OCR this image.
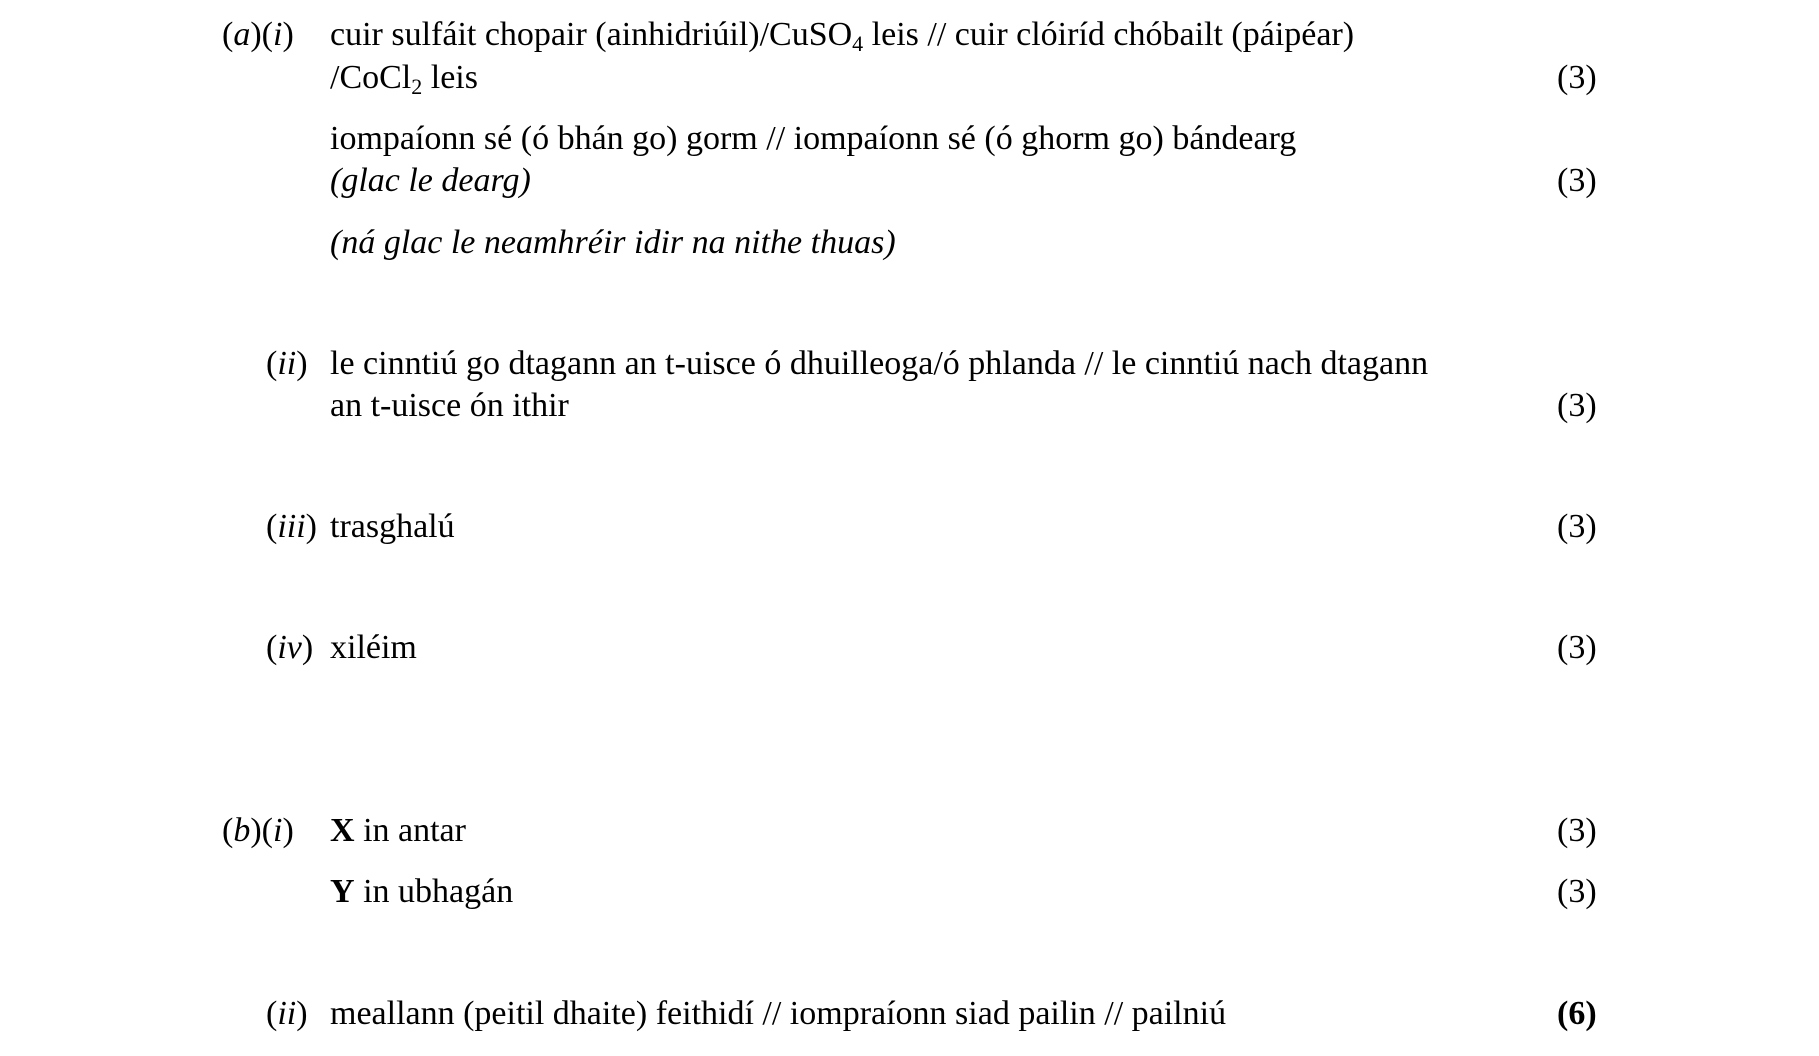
(a)(i) cuir sulfáit chopair (ainhidriúil)/CuSO$_4$ leis // cuir clóiríd chóbailt (páipéar)
/CoCl$_2$ leis	(3)
iompaíonn sé (ó bhán go) gorm // iompaíonn sé (ó ghorm go) bándearg
(glac le dearg)	(3)
(ná glac le neamhréir idir na nithe thuas)
(ii) le cinntiú go dtagann an t-uisce ó dhuilleoga/ó phlanda // le cinntiú nach dtagann
an t-uisce ón ithir	(3)
(iii) trasghalú	(3)
(iv) xiléim	(3)
(b)(i) X in antar	(3)
Y in ubhagán	(3)
(ii) meallann (peitil dhaite) feithidí // iompraíonn siad pailin // pailniú	(6)
